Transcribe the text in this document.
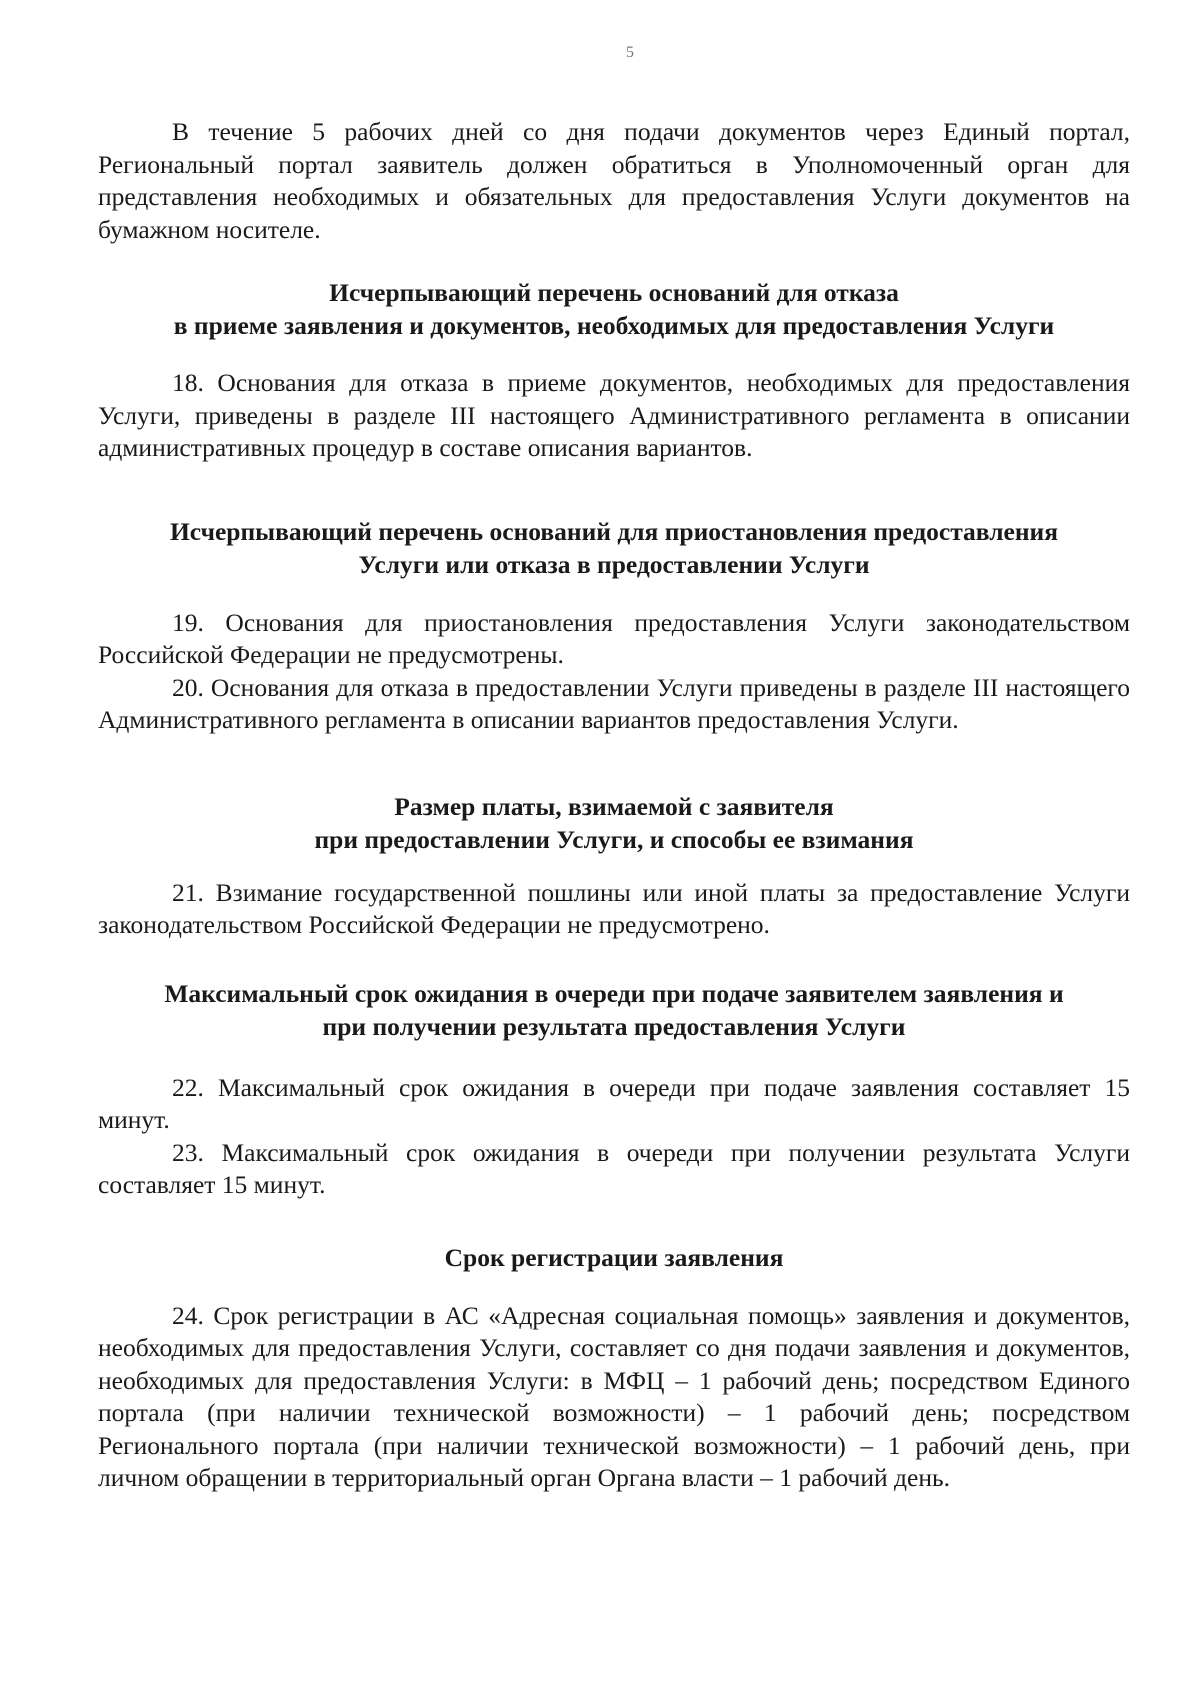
5

В течение 5 рабочих дней со дня подачи документов через Единый портал, Региональный портал заявитель должен обратиться в Уполномоченный орган для представления необходимых и обязательных для предоставления Услуги документов на бумажном носителе.

Исчерпывающий перечень оснований для отказа
в приеме заявления и документов, необходимых для предоставления Услуги

18. Основания для отказа в приеме документов, необходимых для предоставления Услуги, приведены в разделе III настоящего Административного регламента в описании административных процедур в составе описания вариантов.

Исчерпывающий перечень оснований для приостановления предоставления
Услуги или отказа в предоставлении Услуги

19. Основания для приостановления предоставления Услуги законодательством Российской Федерации не предусмотрены.

20. Основания для отказа в предоставлении Услуги приведены в разделе III настоящего Административного регламента в описании вариантов предоставления Услуги.

Размер платы, взимаемой с заявителя
при предоставлении Услуги, и способы ее взимания

21. Взимание государственной пошлины или иной платы за предоставление Услуги законодательством Российской Федерации не предусмотрено.

Максимальный срок ожидания в очереди при подаче заявителем заявления и
при получении результата предоставления Услуги

22. Максимальный срок ожидания в очереди при подаче заявления составляет 15 минут.

23. Максимальный срок ожидания в очереди при получении результата Услуги составляет 15 минут.

Срок регистрации заявления

24. Срок регистрации в АС «Адресная социальная помощь» заявления и документов, необходимых для предоставления Услуги, составляет со дня подачи заявления и документов, необходимых для предоставления Услуги: в МФЦ – 1 рабочий день; посредством Единого портала (при наличии технической возможности) – 1 рабочий день; посредством Регионального портала (при наличии технической возможности) – 1 рабочий день, при личном обращении в территориальный орган Органа власти – 1 рабочий день.
